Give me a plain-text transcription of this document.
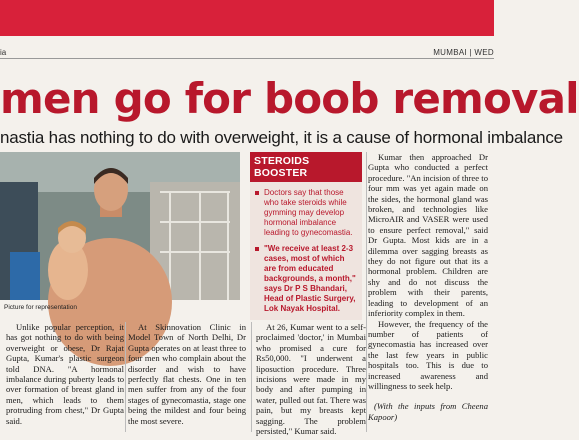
ia	MUMBAI | WED
men go for boob removal
nastia has nothing to do with overweight, it is a cause of hormonal imbalance
Picture for representation
STEROIDS BOOSTER
Doctors say that those who take steroids while gymming may develop hormonal imbalance leading to gynecomastia.
"We receive at least 2-3 cases, most of which are from educated backgrounds, a month," says Dr P S Bhandari, Head of Plastic Surgery, Lok Nayak Hospital.

Unlike popular perception, it has got nothing to do with being overweight or obese, Dr Rajat Gupta, Kumar's plastic surgeon told DNA. "A hormonal imbalance during puberty leads to over formation of breast gland in men, which leads to them protruding from chest," Dr Gupta said.

At Skinnovation Clinic in Model Town of North Delhi, Dr Gupta operates on at least three to four men who complain about the disorder and wish to have perfectly flat chests. One in ten men suffer from any of the four stages of gynecomastia, stage one being the mildest and four being the most severe.

At 26, Kumar went to a self-proclaimed 'doctor,' in Mumbai who promised a cure for Rs50,000. "I underwent a liposuction procedure. Three incisions were made in my body and after pumping in water, pulled out fat. There was pain, but my breasts kept sagging. The problem persisted," Kumar said.

Kumar then approached Dr Gupta who conducted a perfect procedure. "An incision of three to four mm was yet again made on the sides, the hormonal gland was broken, and technologies like MicroAIR and VASER were used to ensure perfect removal," said Dr Gupta. Most kids are in a dilemma over sagging breasts as they do not figure out that its a hormonal problem. Children are shy and do not discuss the problem with their parents, leading to development of an inferiority complex in them.

However, the frequency of the number of patients of gynecomastia has increased over the last few years in public hospitals too. This is due to increased awareness and willingness to seek help.

(With the inputs from Cheena Kapoor)
